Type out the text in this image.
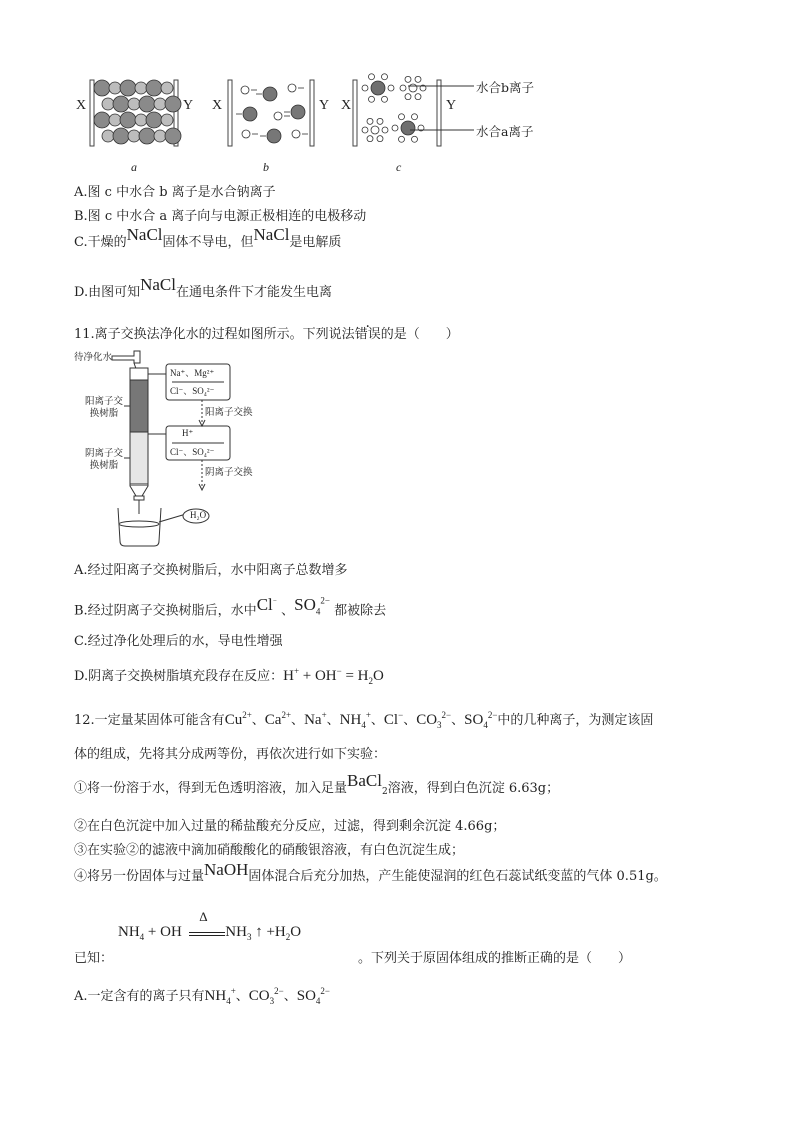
X	Y X	Y X	Y
a	b	c
水合b离子
水合a离子
A.图 c 中水合 b 离子是水合钠离子
B.图 c 中水合 a 离子向与电源正极相连的电极移动
C.干燥的NaCl固体不导电，但NaCl是电解质
D.由图可知NaCl在通电条件下才能发生电离
11.离子交换法净化水的过程如图所示。下列说法错误的是（　　）
待净化水
阳离子交换树脂
阴离子交换树脂
Na⁺、Mg²⁺
Cl⁻、SO₄²⁻
H⁺
Cl⁻、SO₄²⁻
阳离子交换
阴离子交换
H₂O
A.经过阳离子交换树脂后，水中阳离子总数增多
B.经过阴离子交换树脂后，水中Cl⁻ 、$SO_4^{2-}$ 都被除去
C.经过净化处理后的水，导电性增强
D.阴离子交换树脂填充段存在反应：$H^+ + OH^- = H_2O$
12.一定量某固体可能含有$Cu^{2+}$、$Ca^{2+}$、Na+、$NH_4^+$、Cl−、$CO_3^{2-}$、$SO_4^{2-}$中的几种离子，为测定该固
体的组成，先将其分成两等份，再依次进行如下实验：
①将一份溶于水，得到无色透明溶液，加入足量BaCl$_2$溶液，得到白色沉淀 6.63g；
②在白色沉淀中加入过量的稀盐酸充分反应，过滤，得到剩余沉淀 4.66g；
③在实验②的滤液中滴加硝酸酸化的硝酸银溶液，有白色沉淀生成；
④将另一份固体与过量NaOH固体混合后充分加热，产生能使湿润的红色石蕊试纸变蓝的气体 0.51g。
$NH_4$ + OH
Δ
$NH_3$ ↑ $+H_2O$
已知：	。下列关于原固体组成的推断正确的是（　　）
A.一定含有的离子只有$NH_4^+$、$CO_3^{2-}$、$SO_4^{2-}$
